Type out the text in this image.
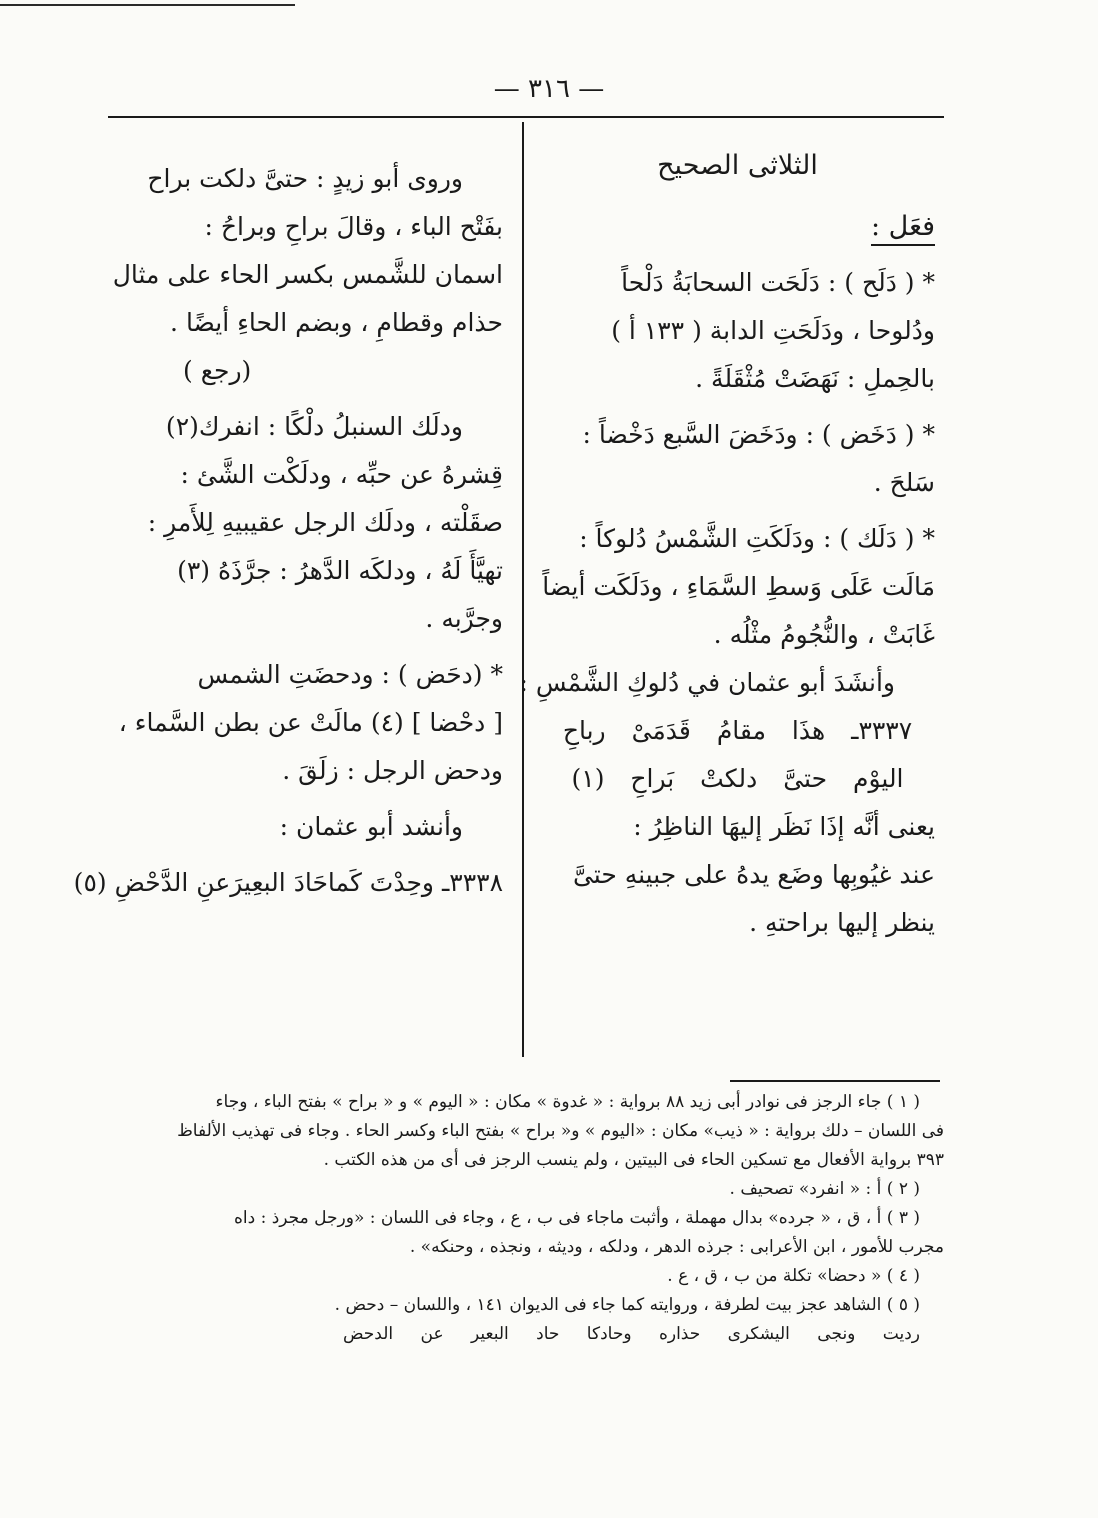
— ٣١٦ —

الثلاثى الصحيح

فعَل :

* ( دَلَح ) : دَلَحَت السحابَةُ دَلْحاً

ودُلوحا ، ودَلَحَتِ الدابة ( ١٣٣ أ )

بالحِملِ : نَهَضَتْ مُثْقَلَةً .

* ( دَخَض ) : ودَخَضَ السَّبع دَخْضاً :

سَلحَ .

* ( دَلَك ) : ودَلَكَتِ الشَّمْسُ دُلوكاً :

مَالَت عَلَى وَسطِ السَّمَاءِ ، ودَلَكَت أيضاً

غَابَتْ ، والنُّجُومُ مثْلُه .

وأنشَدَ أبو عثمان في دُلوكِ الشَّمْسِ :

٣٣٣٧ـ هذَا مقامُ قَدَمَىْ رباحِ

اليوْم حتىَّ دلكتْ بَراحِ (١)

يعنى أنَّه إذَا نَظَر إليهَا الناظِرُ :

عند غيُوبِها وضَع يدهُ على جبينهِ حتىَّ

ينظر إليها براحتهِ .

وروى أبو زيدٍ : حتىَّ دلكت براح

بفَتْح الباء ، وقالَ براحِ وبراحُ :

اسمان للشَّمس بكسر الحاء على مثال

حذام وقطامِ ، وبضم الحاءِ أيضًا .

(رجع )

ودلَك السنبلُ دلْكًا : انفرك(٢)

قِشرهُ عن حبِّه ، ودلَكْت الشَّئ :

صقَلْته ، ودلَك الرجل عقيبيهِ لِلأَمرِ :

تهيَّأَ لَهُ ، ودلكَه الدَّهرُ : جرَّذَهُ (٣)

وجرَّبه .

* (دحَض ) : ودحضَتِ الشمس

[ دحْضا ] (٤) مالَتْ عن بطن السَّماء ،

ودحض الرجل : زلَقَ .

وأنشد أبو عثمان :

٣٣٣٨ـ وحِدْتَ كَماحَادَ البعِيرَعنِ الدَّحْضِ (٥)

( ١ ) جاء الرجز فى نوادر أبى زيد ٨٨ برواية : « غدوة » مكان : « اليوم » و « براح » بفتح الباء ، وجاء

فى اللسان – دلك برواية : « ذيب» مكان : «اليوم » و« براح » بفتح الباء وكسر الحاء . وجاء فى تهذيب الألفاظ

٣٩٣ برواية الأفعال مع تسكين الحاء فى البيتين ، ولم ينسب الرجز فى أى من هذه الكتب .

( ٢ ) أ : « انفرد» تصحيف .

( ٣ ) أ ، ق ، « جرده» بدال مهملة ، وأثبت ماجاء فى ب ، ع ، وجاء فى اللسان : «ورجل مجرذ : داه

مجرب للأمور ، ابن الأعرابى : جرذه الدهر ، ودلكه ، وديثه ، ونجذه ، وحنكه» .

( ٤ ) « دحضا» تكلة من ب ، ق ، ع .

( ٥ ) الشاهد عجز بيت لطرفة ، وروايته كما جاء فى الديوان ١٤١ ، واللسان – دحض .

رديت ونجى اليشكرى حذاره وحادكا حاد البعير عن الدحض
